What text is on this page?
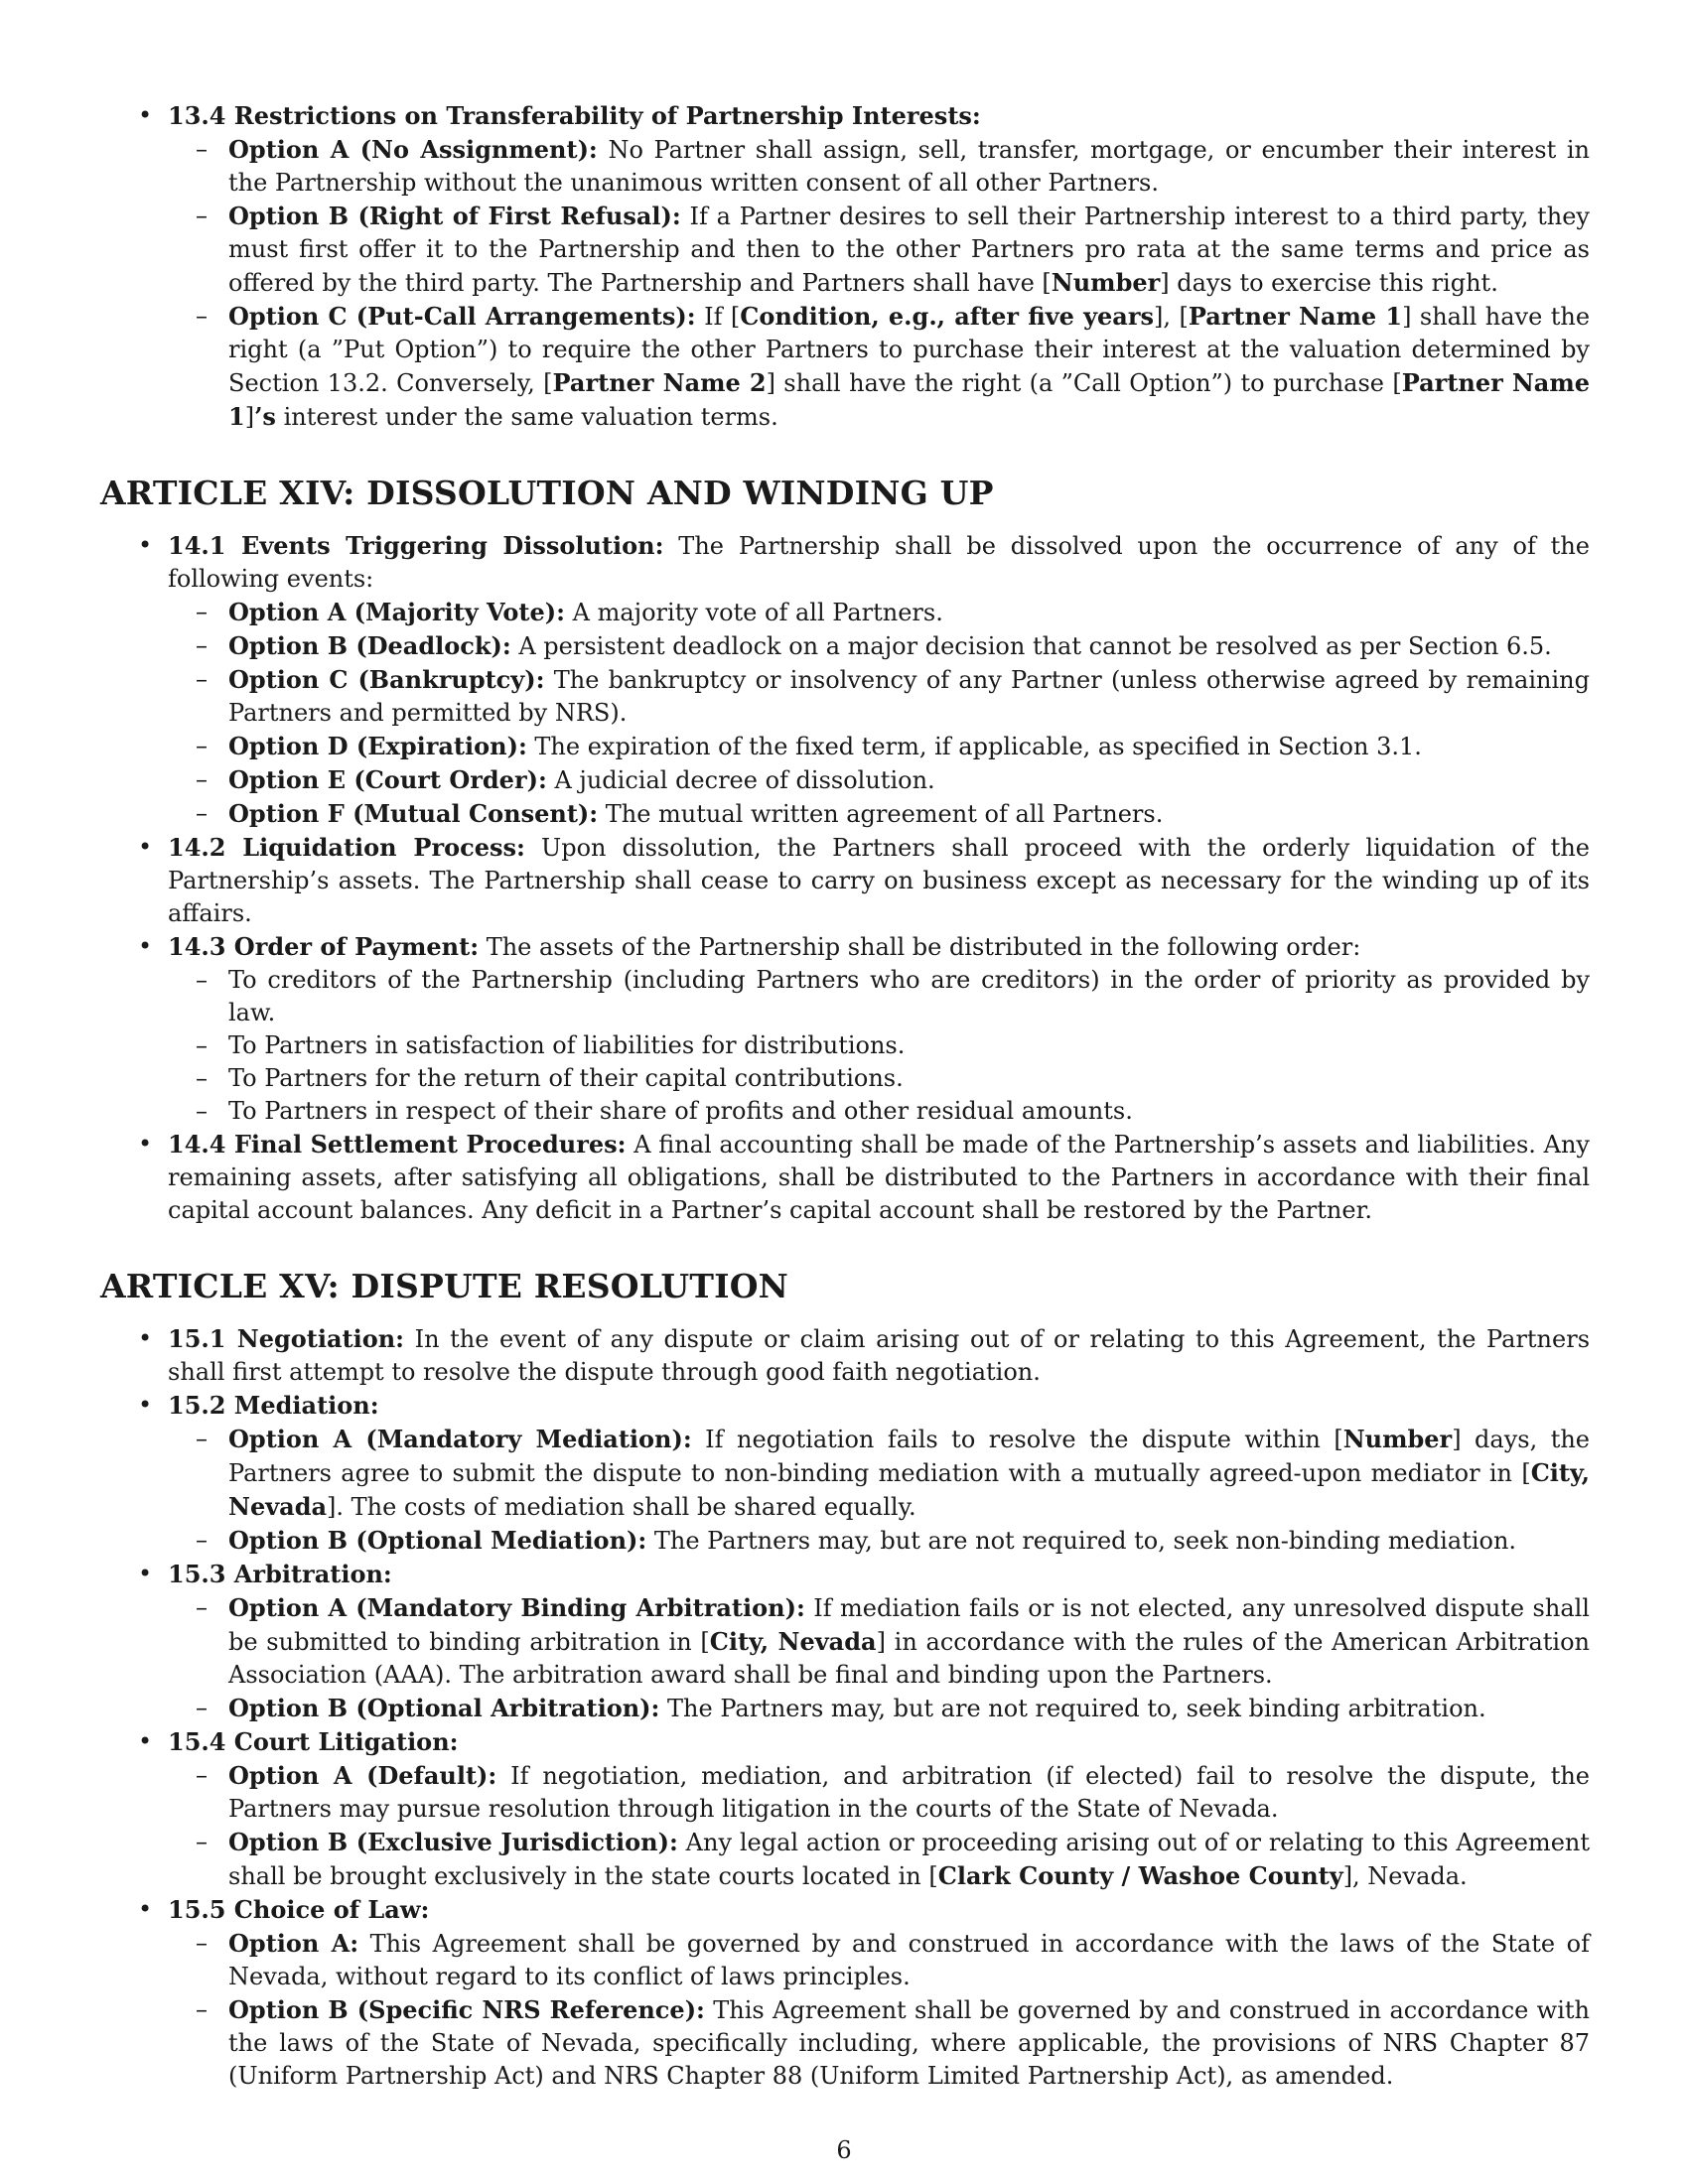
• 13.4 Restrictions on Transferability of Partnership Interests:
– Option A (No Assignment): No Partner shall assign, sell, transfer, mortgage, or encumber their interest in the Partnership without the unanimous written consent of all other Partners.
– Option B (Right of First Refusal): If a Partner desires to sell their Partnership interest to a third party, they must first offer it to the Partnership and then to the other Partners pro rata at the same terms and price as offered by the third party. The Partnership and Partners shall have [Number] days to exercise this right.
– Option C (Put-Call Arrangements): If [Condition, e.g., after five years], [Partner Name 1] shall have the right (a ”Put Option”) to require the other Partners to purchase their interest at the valuation determined by Section 13.2. Conversely, [Partner Name 2] shall have the right (a ”Call Option”) to purchase [Partner Name 1]’s interest under the same valuation terms.
ARTICLE XIV: DISSOLUTION AND WINDING UP
• 14.1 Events Triggering Dissolution: The Partnership shall be dissolved upon the occurrence of any of the following events:
– Option A (Majority Vote): A majority vote of all Partners.
– Option B (Deadlock): A persistent deadlock on a major decision that cannot be resolved as per Section 6.5.
– Option C (Bankruptcy): The bankruptcy or insolvency of any Partner (unless otherwise agreed by remaining Partners and permitted by NRS).
– Option D (Expiration): The expiration of the fixed term, if applicable, as specified in Section 3.1.
– Option E (Court Order): A judicial decree of dissolution.
– Option F (Mutual Consent): The mutual written agreement of all Partners.
• 14.2 Liquidation Process: Upon dissolution, the Partners shall proceed with the orderly liquidation of the Partnership’s assets. The Partnership shall cease to carry on business except as necessary for the winding up of its affairs.
• 14.3 Order of Payment: The assets of the Partnership shall be distributed in the following order:
– To creditors of the Partnership (including Partners who are creditors) in the order of priority as provided by law.
– To Partners in satisfaction of liabilities for distributions.
– To Partners for the return of their capital contributions.
– To Partners in respect of their share of profits and other residual amounts.
• 14.4 Final Settlement Procedures: A final accounting shall be made of the Partnership’s assets and liabilities. Any remaining assets, after satisfying all obligations, shall be distributed to the Partners in accordance with their final capital account balances. Any deficit in a Partner’s capital account shall be restored by the Partner.
ARTICLE XV: DISPUTE RESOLUTION
• 15.1 Negotiation: In the event of any dispute or claim arising out of or relating to this Agreement, the Partners shall first attempt to resolve the dispute through good faith negotiation.
• 15.2 Mediation:
– Option A (Mandatory Mediation): If negotiation fails to resolve the dispute within [Number] days, the Partners agree to submit the dispute to non-binding mediation with a mutually agreed-upon mediator in [City, Nevada]. The costs of mediation shall be shared equally.
– Option B (Optional Mediation): The Partners may, but are not required to, seek non-binding mediation.
• 15.3 Arbitration:
– Option A (Mandatory Binding Arbitration): If mediation fails or is not elected, any unresolved dispute shall be submitted to binding arbitration in [City, Nevada] in accordance with the rules of the American Arbitration Association (AAA). The arbitration award shall be final and binding upon the Partners.
– Option B (Optional Arbitration): The Partners may, but are not required to, seek binding arbitration.
• 15.4 Court Litigation:
– Option A (Default): If negotiation, mediation, and arbitration (if elected) fail to resolve the dispute, the Partners may pursue resolution through litigation in the courts of the State of Nevada.
– Option B (Exclusive Jurisdiction): Any legal action or proceeding arising out of or relating to this Agreement shall be brought exclusively in the state courts located in [Clark County / Washoe County], Nevada.
• 15.5 Choice of Law:
– Option A: This Agreement shall be governed by and construed in accordance with the laws of the State of Nevada, without regard to its conflict of laws principles.
– Option B (Specific NRS Reference): This Agreement shall be governed by and construed in accordance with the laws of the State of Nevada, specifically including, where applicable, the provisions of NRS Chapter 87 (Uniform Partnership Act) and NRS Chapter 88 (Uniform Limited Partnership Act), as amended.
6
